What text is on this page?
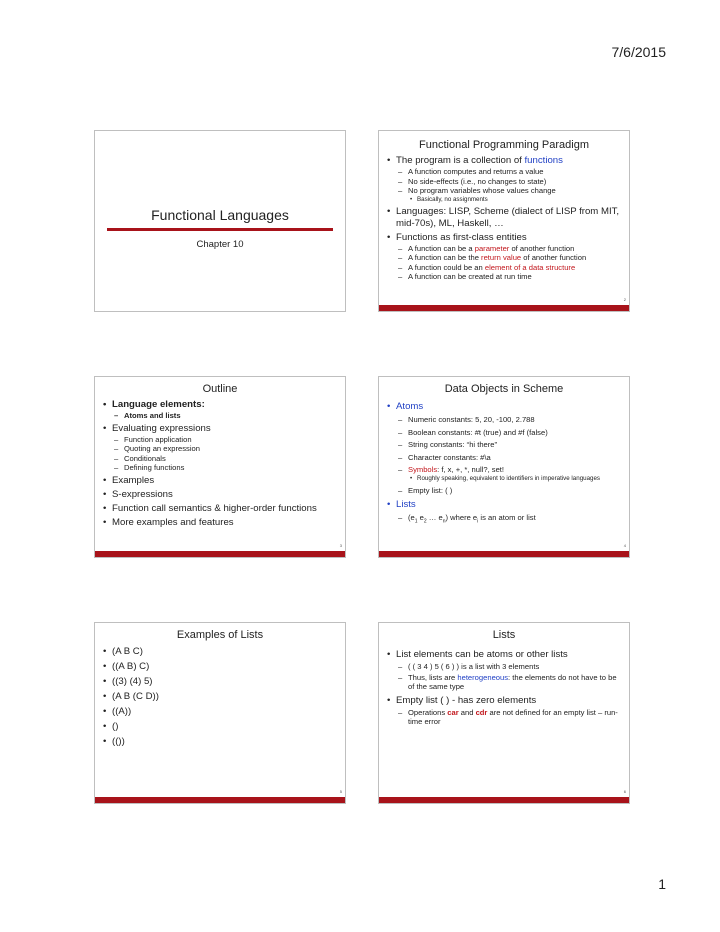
7/6/2015
Functional Languages
Chapter 10
Functional Programming Paradigm
• The program is a collection of functions
– A function computes and returns a value
– No side-effects (i.e., no changes to state)
– No program variables whose values change
• Basically, no assignments
• Languages: LISP, Scheme (dialect of LISP from MIT, mid-70s), ML, Haskell, …
• Functions as first-class entities
– A function can be a parameter of another function
– A function can be the return value of another function
– A function could be an element of a data structure
– A function can be created at run time
2
Outline
• Language elements:
– Atoms and lists
• Evaluating expressions
– Function application
– Quoting an expression
– Conditionals
– Defining functions
• Examples
• S-expressions
• Function call semantics & higher-order functions
• More examples and features
3
Data Objects in Scheme
• Atoms
– Numeric constants: 5, 20, -100, 2.788
– Boolean constants: #t (true) and #f (false)
– String constants: “hi there”
– Character constants: #\a
– Symbols: f, x, +, *, null?, set!
• Roughly speaking, equivalent to identifiers in imperative languages
– Empty list: ( )
• Lists
– ($e_1$ $e_2$ … $e_n$) where $e_i$ is an atom or list
4
Examples of Lists
• (A B C)
• ((A B) C)
• ((3) (4) 5)
• (A B (C D))
• ((A))
• ()
• (())
5
Lists
• List elements can be atoms or other lists
– ( ( 3 4 ) 5 ( 6 ) ) is a list with 3 elements
– Thus, lists are heterogeneous: the elements do not have to be of the same type
• Empty list ( ) - has zero elements
– Operations car and cdr are not defined for an empty list – run-time error
6
1
